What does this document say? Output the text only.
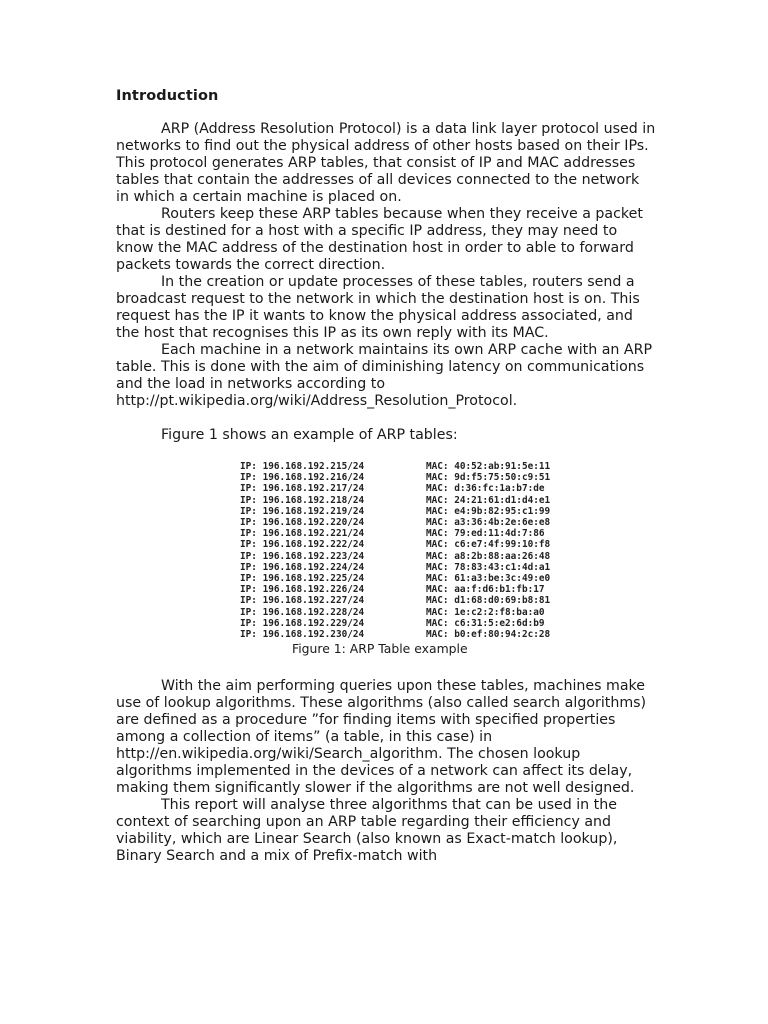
Introduction

ARP (Address Resolution Protocol) is a data link layer protocol used in networks to find out the physical address of other hosts based on their IPs. This protocol generates ARP tables, that consist of IP and MAC addresses tables that contain the addresses of all devices connected to the network in which a certain machine is placed on.

Routers keep these ARP tables because when they receive a packet that is destined for a host with a specific IP address, they may need to know the MAC address of the destination host in order to able to forward packets towards the correct direction.

In the creation or update processes of these tables, routers send a broadcast request to the network in which the destination host is on. This request has the IP it wants to know the physical address associated, and the host that recognises this IP as its own reply with its MAC.

Each machine in a network maintains its own ARP cache with an ARP table. This is done with the aim of diminishing latency on communications and the load in networks according to http://pt.wikipedia.org/wiki/Address_Resolution_Protocol.

Figure 1 shows an example of ARP tables:

IP: 196.168.192.215/24	MAC: 40:52:ab:91:5e:11
IP: 196.168.192.216/24	MAC: 9d:f5:75:50:c9:51
IP: 196.168.192.217/24	MAC: d:36:fc:1a:b7:de
IP: 196.168.192.218/24	MAC: 24:21:61:d1:d4:e1
IP: 196.168.192.219/24	MAC: e4:9b:82:95:c1:99
IP: 196.168.192.220/24	MAC: a3:36:4b:2e:6e:e8
IP: 196.168.192.221/24	MAC: 79:ed:11:4d:7:86
IP: 196.168.192.222/24	MAC: c6:e7:4f:99:10:f8
IP: 196.168.192.223/24	MAC: a8:2b:88:aa:26:48
IP: 196.168.192.224/24	MAC: 78:83:43:c1:4d:a1
IP: 196.168.192.225/24	MAC: 61:a3:be:3c:49:e0
IP: 196.168.192.226/24	MAC: aa:f:d6:b1:fb:17
IP: 196.168.192.227/24	MAC: d1:68:d0:69:b8:81
IP: 196.168.192.228/24	MAC: 1e:c2:2:f8:ba:a0
IP: 196.168.192.229/24	MAC: c6:31:5:e2:6d:b9
IP: 196.168.192.230/24	MAC: b0:ef:80:94:2c:28
Figure 1: ARP Table example

With the aim performing queries upon these tables, machines make use of lookup algorithms. These algorithms (also called search algorithms) are defined as a procedure ”for finding items with specified properties among a collection of items” (a table, in this case) in http://en.wikipedia.org/wiki/Search_algorithm. The chosen lookup algorithms implemented in the devices of a network can affect its delay, making them significantly slower if the algorithms are not well designed.

This report will analyse three algorithms that can be used in the context of searching upon an ARP table regarding their efficiency and viability, which are Linear Search (also known as Exact-match lookup), Binary Search and a mix of Prefix-match with
